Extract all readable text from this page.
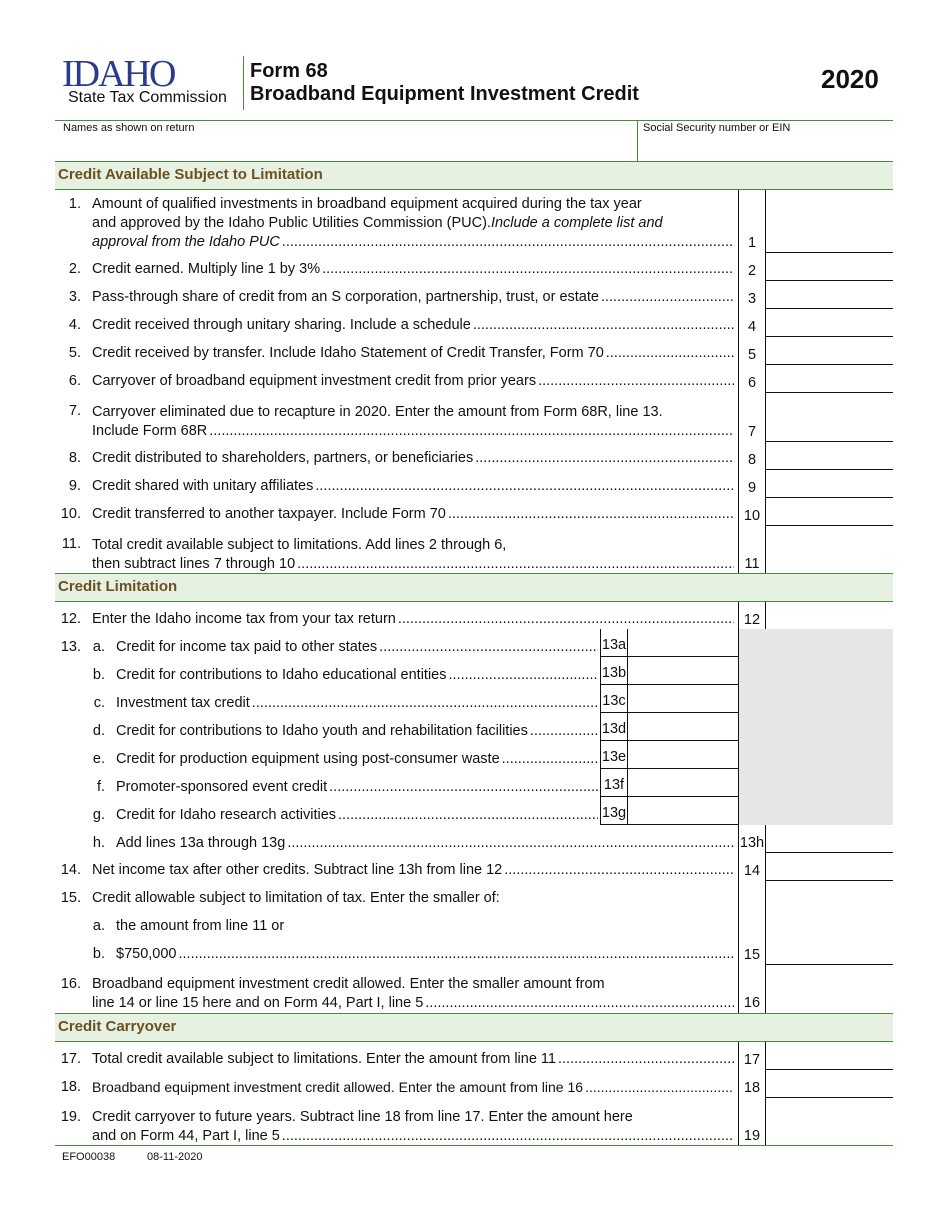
IDAHO
State Tax Commission
Form 68
Broadband Equipment Investment Credit	2020
Names as shown on return	Social Security number or EIN
Credit Available Subject to Limitation
1. Amount of qualified investments in broadband equipment acquired during the tax year
and approved by the Idaho Public Utilities Commission (PUC). Include a complete list and
approval from the Idaho PUC .....	1
2. Credit earned. Multiply line 1 by 3% .....	2
3. Pass-through share of credit from an S corporation, partnership, trust, or estate .....	3
4. Credit received through unitary sharing. Include a schedule .....	4
5. Credit received by transfer. Include Idaho Statement of Credit Transfer, Form 70 .....	5
6. Carryover of broadband equipment investment credit from prior years .....	6
7. Carryover eliminated due to recapture in 2020. Enter the amount from Form 68R, line 13.
Include Form 68R .....	7
8. Credit distributed to shareholders, partners, or beneficiaries .....	8
9. Credit shared with unitary affiliates .....	9
10. Credit transferred to another taxpayer. Include Form 70 .....	10
11. Total credit available subject to limitations. Add lines 2 through 6,
then subtract lines 7 through 10 .....	11
Credit Limitation
12. Enter the Idaho income tax from your tax return .....	12
13. a. Credit for income tax paid to other states .....	13a
b. Credit for contributions to Idaho educational entities .....	13b
c. Investment tax credit .....	13c
d. Credit for contributions to Idaho youth and rehabilitation facilities .....	13d
e. Credit for production equipment using post-consumer waste .....	13e
f. Promoter-sponsored event credit .....	13f
g. Credit for Idaho research activities .....	13g
h. Add lines 13a through 13g .....	13h
14. Net income tax after other credits. Subtract line 13h from line 12 .....	14
15. Credit allowable subject to limitation of tax. Enter the smaller of:
a. the amount from line 11 or
b. $750,000 .....	15
16. Broadband equipment investment credit allowed. Enter the smaller amount from
line 14 or line 15 here and on Form 44, Part I, line 5 .....	16
Credit Carryover
17. Total credit available subject to limitations. Enter the amount from line 11 .....	17
18. Broadband equipment investment credit allowed. Enter the amount from line 16 .....	18
19. Credit carryover to future years. Subtract line 18 from line 17. Enter the amount here
and on Form 44, Part I, line 5 .....	19
EFO00038	08-11-2020
